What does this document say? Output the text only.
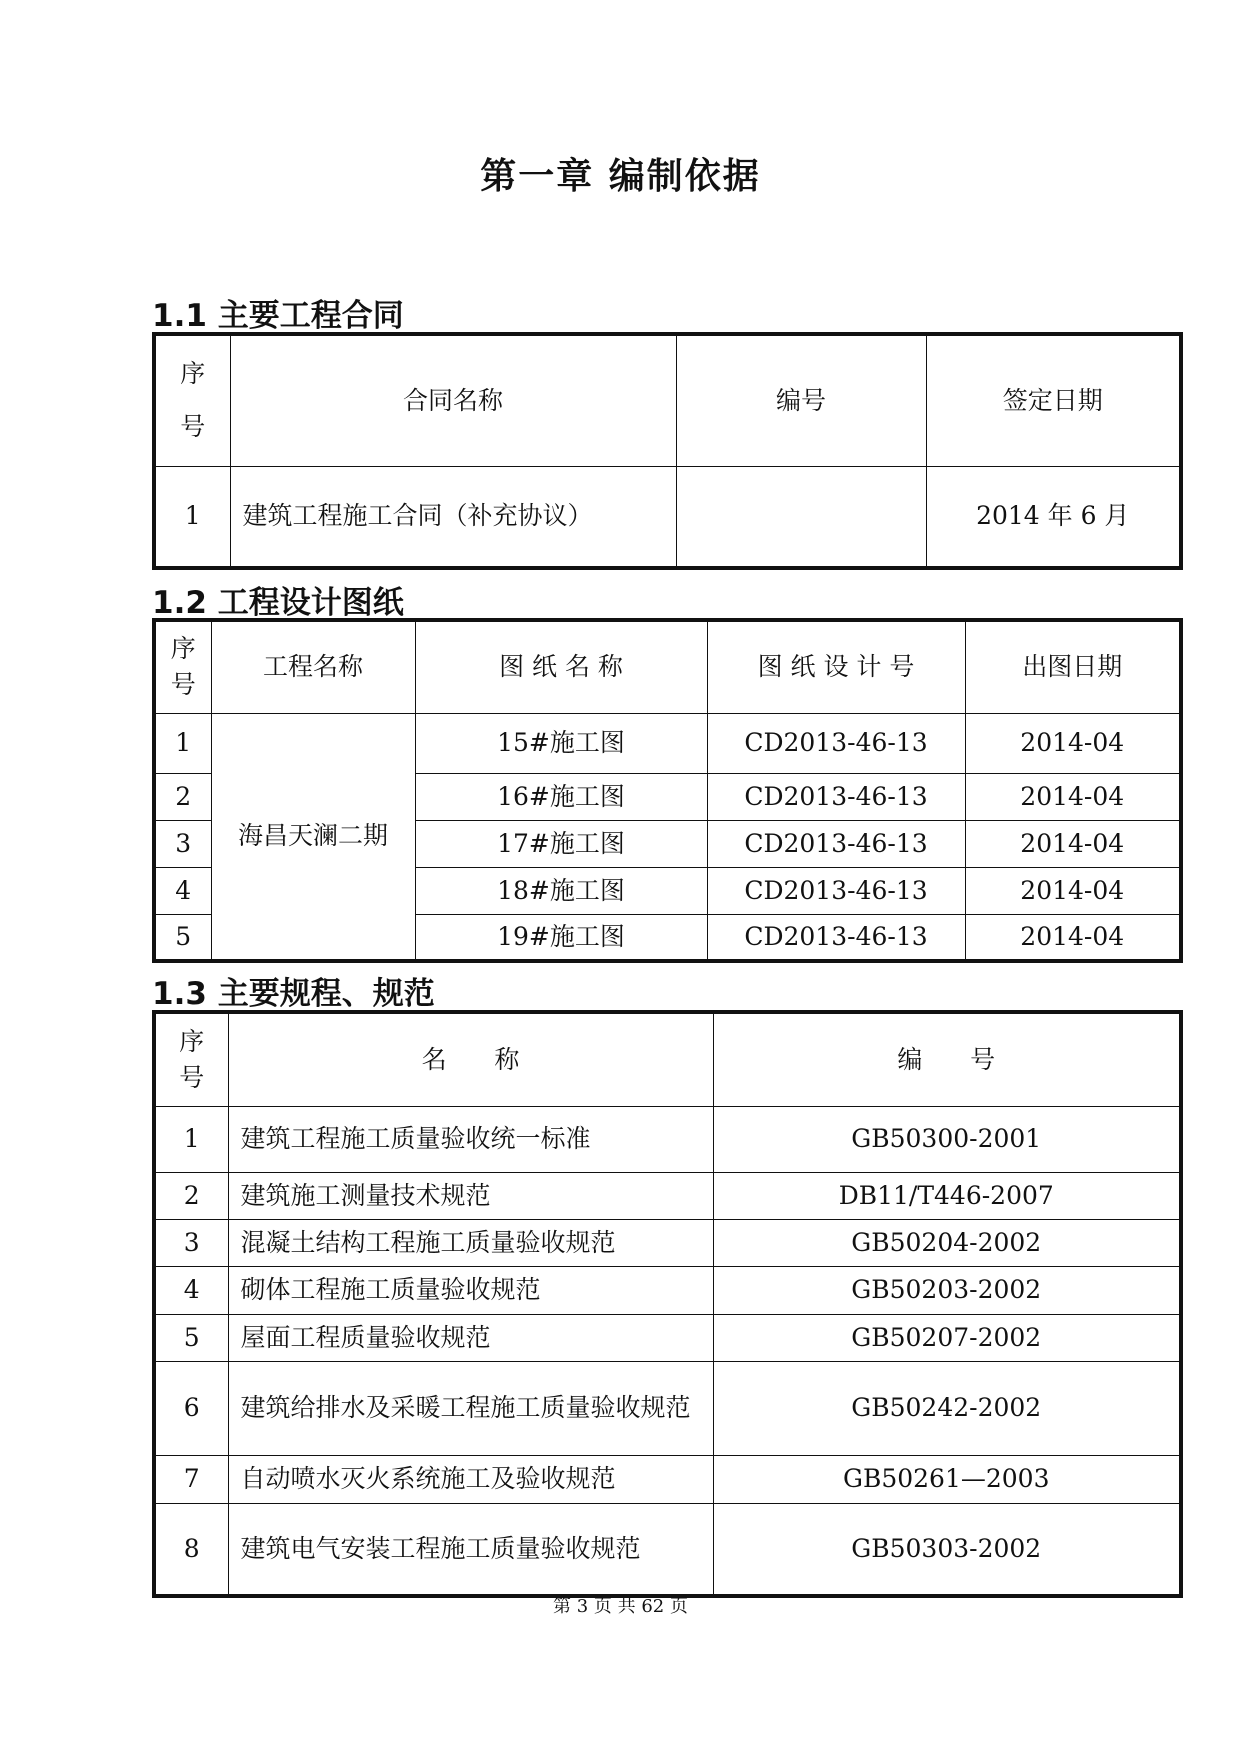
第一章 编制依据
1.1 主要工程合同
序号	合同名称	编号	签定日期
1	建筑工程施工合同（补充协议）		2014 年 6 月
1.2 工程设计图纸
序号	工程名称	图 纸 名 称	图 纸 设 计 号	出图日期
1	海昌天澜二期	15#施工图	CD2013-46-13	2014-04
2		16#施工图	CD2013-46-13	2014-04
3		17#施工图	CD2013-46-13	2014-04
4		18#施工图	CD2013-46-13	2014-04
5		19#施工图	CD2013-46-13	2014-04
1.3 主要规程、规范
序号	名      称	编      号
1	建筑工程施工质量验收统一标准	GB50300-2001
2	建筑施工测量技术规范	DB11/T446-2007
3	混凝土结构工程施工质量验收规范	GB50204-2002
4	砌体工程施工质量验收规范	GB50203-2002
5	屋面工程质量验收规范	GB50207-2002
6	建筑给排水及采暖工程施工质量验收规范	GB50242-2002
7	自动喷水灭火系统施工及验收规范	GB50261—2003
8	建筑电气安装工程施工质量验收规范	GB50303-2002
第 3 页 共 62 页
